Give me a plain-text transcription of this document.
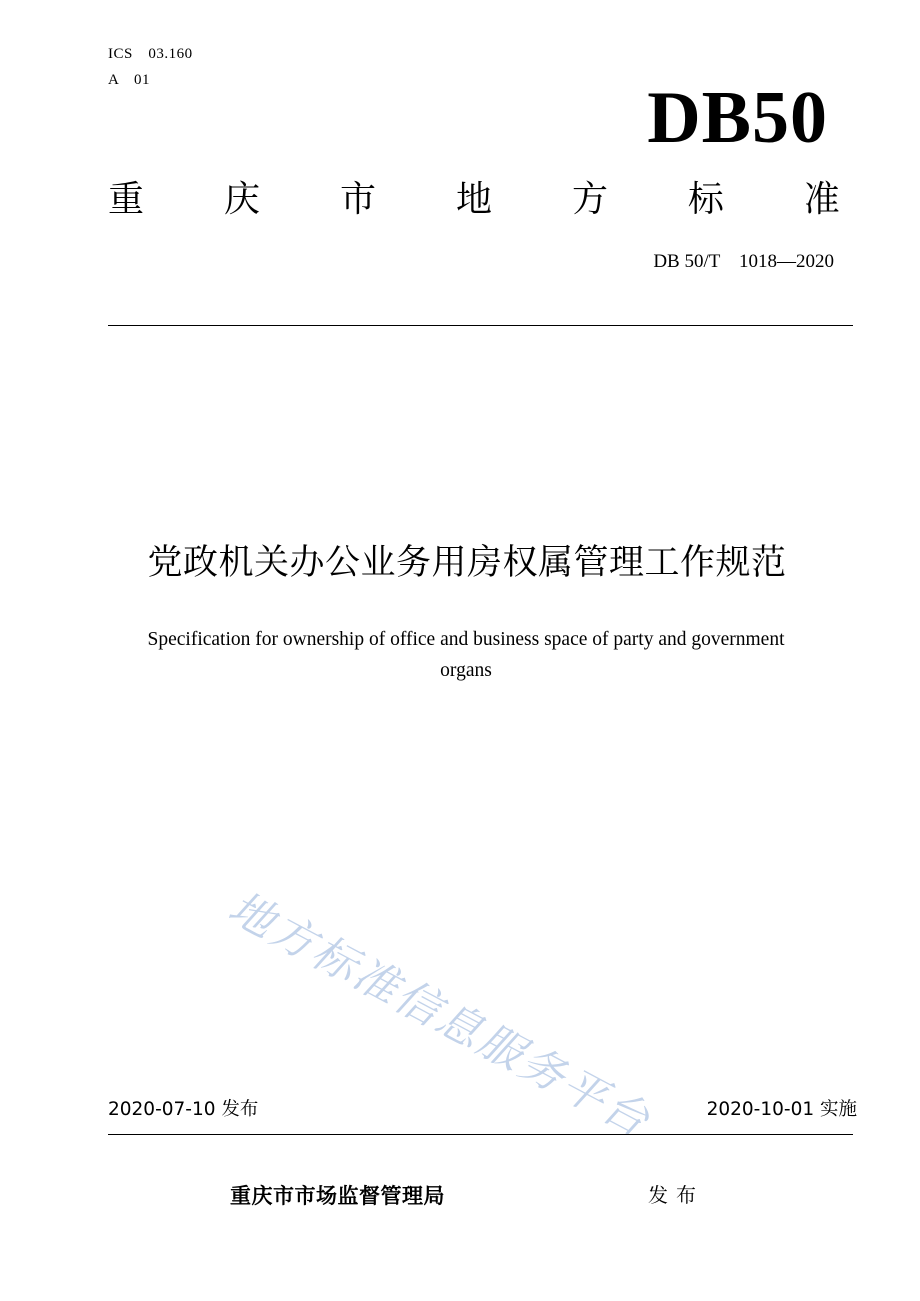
ICS　03.160
A　01	DB50
重 庆 市 地 方 标 准
DB 50/T　1018—2020
党政机关办公业务用房权属管理工作规范
Specification for ownership of office and business space of party and government
organs
地方标准信息服务平台
2020-07-10 发布	2020-10-01 实施
重庆市市场监督管理局	发布
